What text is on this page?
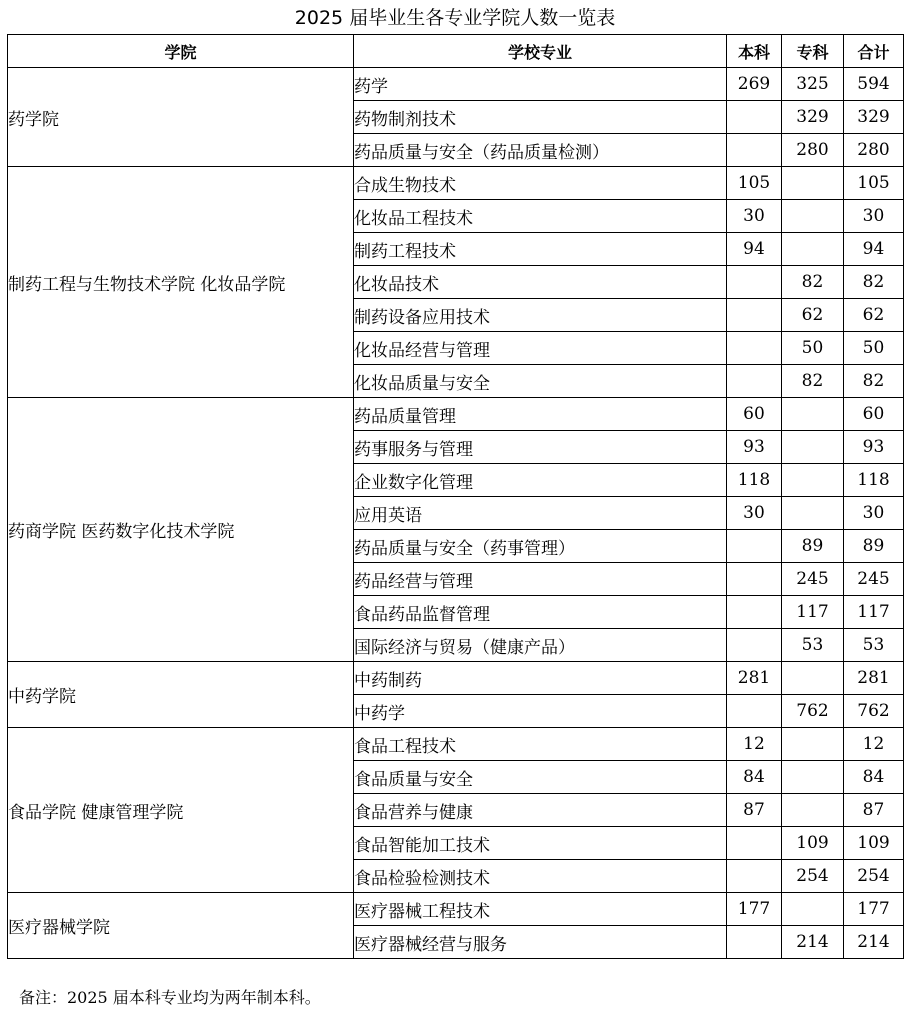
2025 届毕业生各专业学院人数一览表
学院	学校专业	本科	专科	合计
药学院	药学	269	325	594
	药物制剂技术		329	329
	药品质量与安全（药品质量检测）		280	280
制药工程与生物技术学院 化妆品学院	合成生物技术	105		105
	化妆品工程技术	30		30
	制药工程技术	94		94
	化妆品技术		82	82
	制药设备应用技术		62	62
	化妆品经营与管理		50	50
	化妆品质量与安全		82	82
药商学院 医药数字化技术学院	药品质量管理	60		60
	药事服务与管理	93		93
	企业数字化管理	118		118
	应用英语	30		30
	药品质量与安全（药事管理）		89	89
	药品经营与管理		245	245
	食品药品监督管理		117	117
	国际经济与贸易（健康产品）		53	53
中药学院	中药制药	281		281
	中药学		762	762
食品学院 健康管理学院	食品工程技术	12		12
	食品质量与安全	84		84
	食品营养与健康	87		87
	食品智能加工技术		109	109
	食品检验检测技术		254	254
医疗器械学院	医疗器械工程技术	177		177
	医疗器械经营与服务		214	214
备注：2025 届本科专业均为两年制本科。
